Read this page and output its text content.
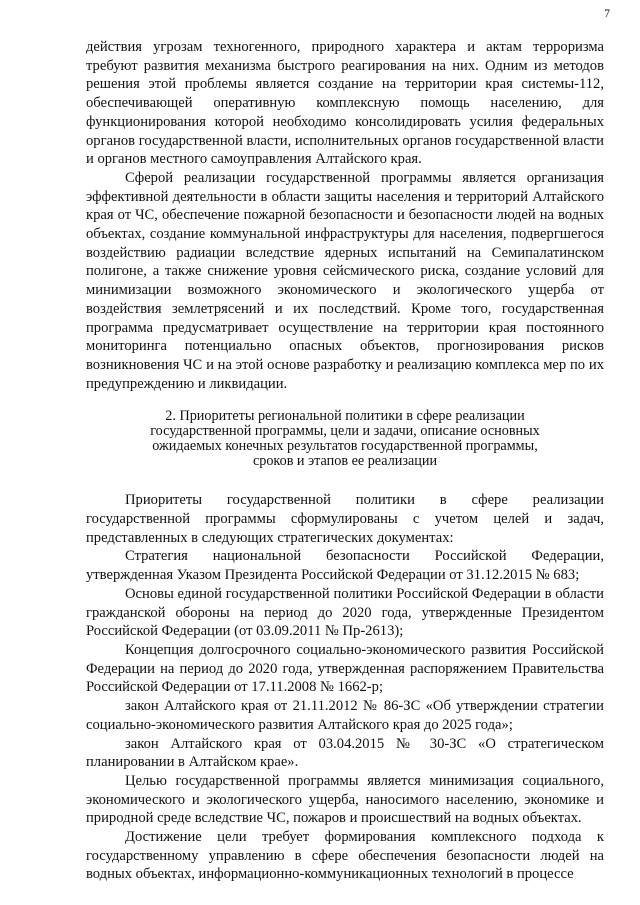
7

действия угрозам техногенного, природного характера и актам терроризма требуют развития механизма быстрого реагирования на них. Одним из методов решения этой проблемы является создание на территории края системы-112, обеспечивающей оперативную комплексную помощь населению, для функционирования которой необходимо консолидировать усилия федеральных органов государственной власти, исполнительных органов государственной власти и органов местного самоуправления Алтайского края.

Сферой реализации государственной программы является организация эффективной деятельности в области защиты населения и территорий Алтайского края от ЧС, обеспечение пожарной безопасности и безопасности людей на водных объектах, создание коммунальной инфраструктуры для населения, подвергшегося воздействию радиации вследствие ядерных испытаний на Семипалатинском полигоне, а также снижение уровня сейсмического риска, создание условий для минимизации возможного экономического и экологического ущерба от воздействия землетрясений и их последствий. Кроме того, государственная программа предусматривает осуществление на территории края постоянного мониторинга потенциально опасных объектов, прогнозирования рисков возникновения ЧС и на этой основе разработку и реализацию комплекса мер по их предупреждению и ликвидации.

2. Приоритеты региональной политики в сфере реализации
государственной программы, цели и задачи, описание основных
ожидаемых конечных результатов государственной программы,
сроков и этапов ее реализации

Приоритеты государственной политики в сфере реализации государственной программы сформулированы с учетом целей и задач, представленных в следующих стратегических документах:

Стратегия национальной безопасности Российской Федерации, утвержденная Указом Президента Российской Федерации от 31.12.2015 № 683;

Основы единой государственной политики Российской Федерации в области гражданской обороны на период до 2020 года, утвержденные Президентом Российской Федерации (от 03.09.2011 № Пр-2613);

Концепция долгосрочного социально-экономического развития Российской Федерации на период до 2020 года, утвержденная распоряжением Правительства Российской Федерации от 17.11.2008 № 1662-р;

закон Алтайского края от 21.11.2012 № 86-ЗС «Об утверждении стратегии социально-экономического развития Алтайского края до 2025 года»;

закон Алтайского края от 03.04.2015 № 30-ЗС «О стратегическом планировании в Алтайском крае».

Целью государственной программы является минимизация социального, экономического и экологического ущерба, наносимого населению, экономике и природной среде вследствие ЧС, пожаров и происшествий на водных объектах.

Достижение цели требует формирования комплексного подхода к государственному управлению в сфере обеспечения безопасности людей на водных объектах, информационно-коммуникационных технологий в процессе
